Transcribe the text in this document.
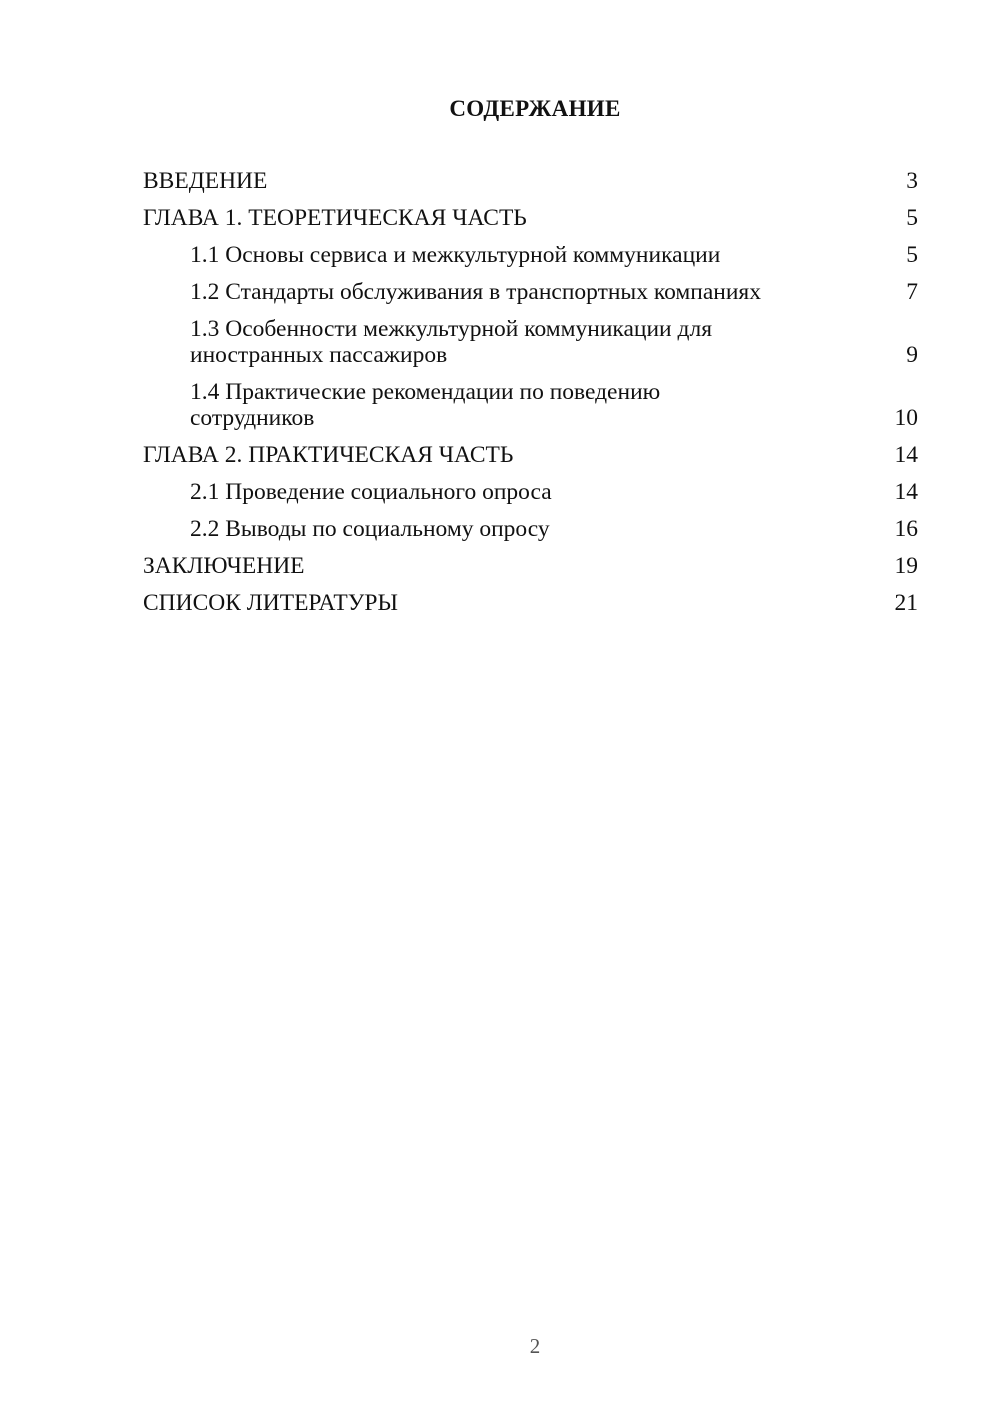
СОДЕРЖАНИЕ
ВВЕДЕНИЕ	3
ГЛАВА 1. ТЕОРЕТИЧЕСКАЯ ЧАСТЬ	5
1.1 Основы сервиса и межкультурной коммуникации	5
1.2 Стандарты обслуживания в транспортных компаниях	7
1.3 Особенности межкультурной коммуникации для
иностранных пассажиров	9
1.4 Практические рекомендации по поведению
сотрудников	10
ГЛАВА 2. ПРАКТИЧЕСКАЯ ЧАСТЬ	14
2.1 Проведение социального опроса	14
2.2 Выводы по социальному опросу	16
ЗАКЛЮЧЕНИЕ	19
СПИСОК ЛИТЕРАТУРЫ	21
2
